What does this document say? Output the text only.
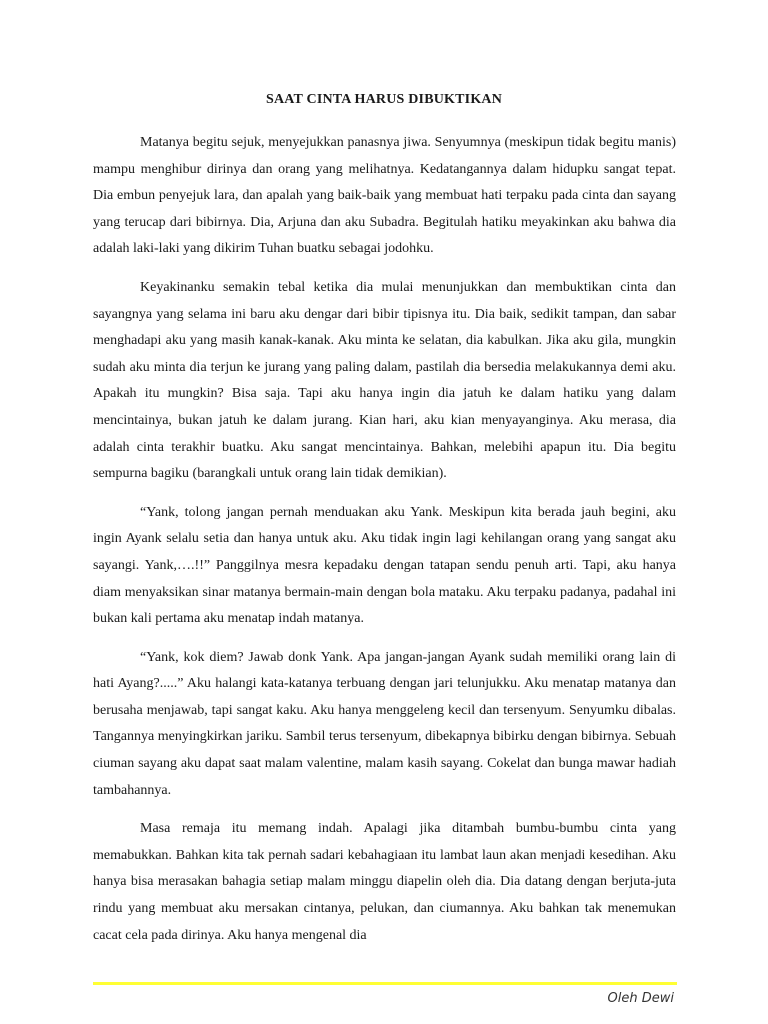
SAAT CINTA HARUS DIBUKTIKAN

Matanya begitu sejuk, menyejukkan panasnya jiwa. Senyumnya (meskipun tidak begitu manis) mampu menghibur dirinya dan orang yang melihatnya. Kedatangannya dalam hidupku sangat tepat. Dia embun penyejuk lara, dan apalah yang baik-baik yang membuat hati terpaku pada cinta dan sayang yang terucap dari bibirnya. Dia, Arjuna dan aku Subadra. Begitulah hatiku meyakinkan aku bahwa dia adalah laki-laki yang dikirim Tuhan buatku sebagai jodohku.

Keyakinanku semakin tebal ketika dia mulai menunjukkan dan membuktikan cinta dan sayangnya yang selama ini baru aku dengar dari bibir tipisnya itu. Dia baik, sedikit tampan, dan sabar menghadapi aku yang masih kanak-kanak. Aku minta ke selatan, dia kabulkan. Jika aku gila, mungkin sudah aku minta dia terjun ke jurang yang paling dalam, pastilah dia bersedia melakukannya demi aku. Apakah itu mungkin? Bisa saja. Tapi aku hanya ingin dia jatuh ke dalam hatiku yang dalam mencintainya, bukan jatuh ke dalam jurang. Kian hari, aku kian menyayanginya. Aku merasa, dia adalah cinta terakhir buatku. Aku sangat mencintainya. Bahkan, melebihi apapun itu. Dia begitu sempurna bagiku (barangkali untuk orang lain tidak demikian).

“Yank, tolong jangan pernah menduakan aku Yank. Meskipun kita berada jauh begini, aku ingin Ayank selalu setia dan hanya untuk aku. Aku tidak ingin lagi kehilangan orang yang sangat aku sayangi. Yank,….!!” Panggilnya mesra kepadaku dengan tatapan sendu penuh arti. Tapi, aku hanya diam menyaksikan sinar matanya bermain-main dengan bola mataku. Aku terpaku padanya, padahal ini bukan kali pertama aku menatap indah matanya.

“Yank, kok diem? Jawab donk Yank. Apa jangan-jangan Ayank sudah memiliki orang lain di hati Ayang?.....” Aku halangi kata-katanya terbuang dengan jari telunjukku. Aku menatap matanya dan berusaha menjawab, tapi sangat kaku. Aku hanya menggeleng kecil dan tersenyum. Senyumku dibalas. Tangannya menyingkirkan jariku. Sambil terus tersenyum, dibekapnya bibirku dengan bibirnya. Sebuah ciuman sayang aku dapat saat malam valentine, malam kasih sayang. Cokelat dan bunga mawar hadiah tambahannya.

Masa remaja itu memang indah. Apalagi jika ditambah bumbu-bumbu cinta yang memabukkan. Bahkan kita tak pernah sadari kebahagiaan itu lambat laun akan menjadi kesedihan. Aku hanya bisa merasakan bahagia setiap malam minggu diapelin oleh dia. Dia datang dengan berjuta-juta rindu yang membuat aku mersakan cintanya, pelukan, dan ciumannya. Aku bahkan tak menemukan cacat cela pada dirinya. Aku hanya mengenal dia

Oleh Dewi
